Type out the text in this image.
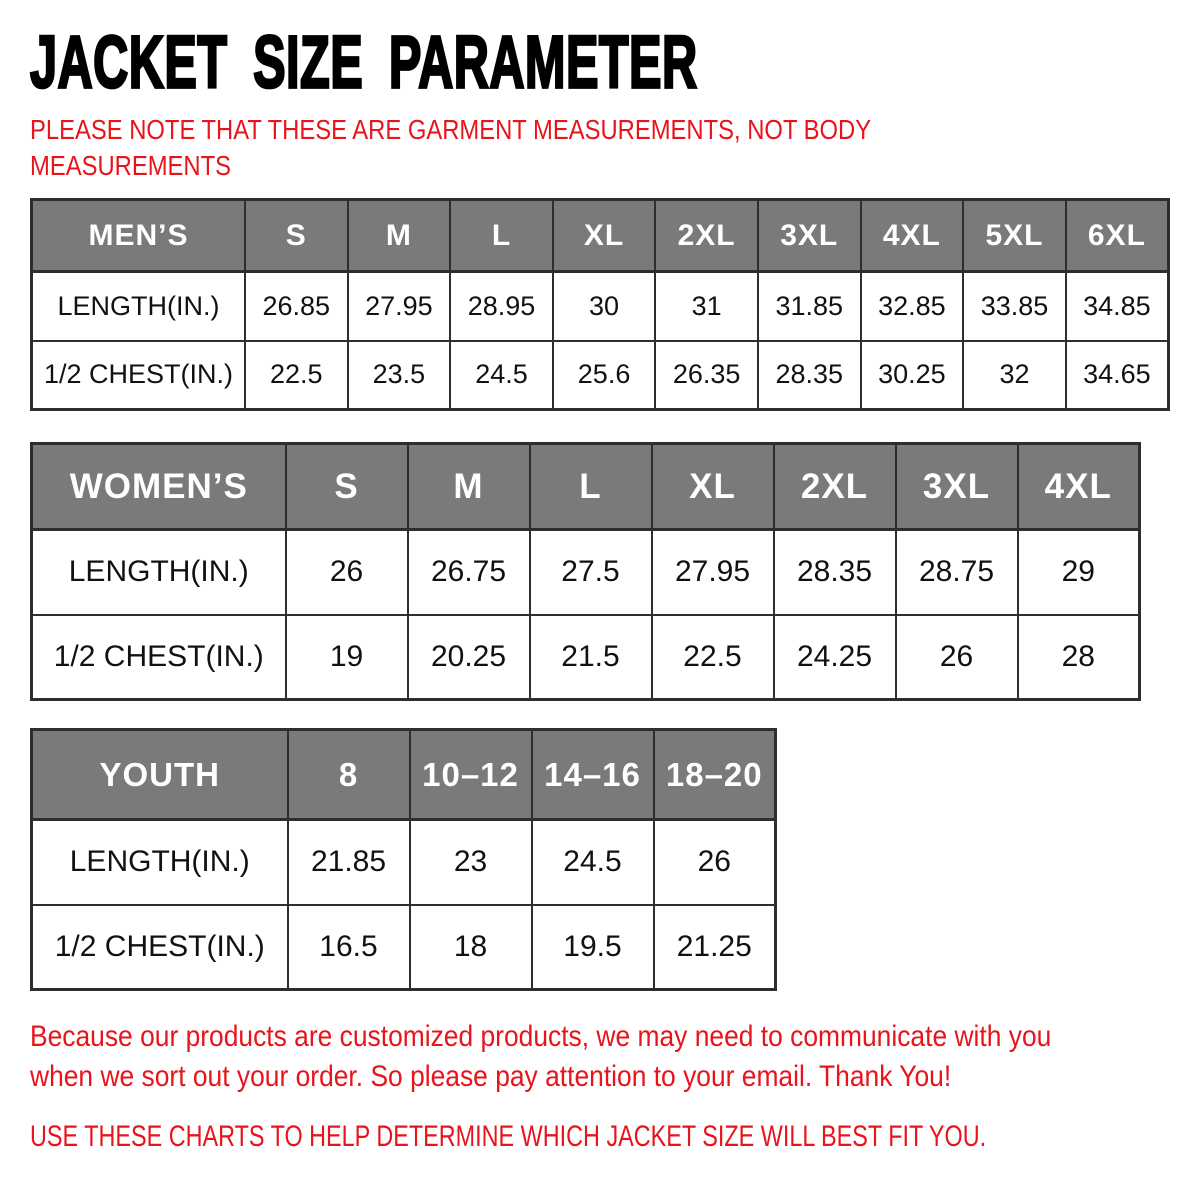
JACKET SIZE PARAMETER
PLEASE NOTE THAT THESE ARE GARMENT MEASUREMENTS, NOT BODY
MEASUREMENTS
MEN’S	S	M	L	XL	2XL	3XL	4XL	5XL	6XL
LENGTH(IN.)	26.85	27.95	28.95	30	31	31.85	32.85	33.85	34.85
1/2 CHEST(IN.)	22.5	23.5	24.5	25.6	26.35	28.35	30.25	32	34.65
WOMEN’S	S	M	L	XL	2XL	3XL	4XL
LENGTH(IN.)	26	26.75	27.5	27.95	28.35	28.75	29
1/2 CHEST(IN.)	19	20.25	21.5	22.5	24.25	26	28
YOUTH	8	10–12	14–16	18–20
LENGTH(IN.)	21.85	23	24.5	26
1/2 CHEST(IN.)	16.5	18	19.5	21.25

Because our products are customized products, we may need to communicate with you
when we sort out your order. So please pay attention to your email. Thank You!

USE THESE CHARTS TO HELP DETERMINE WHICH JACKET SIZE WILL BEST FIT YOU.
